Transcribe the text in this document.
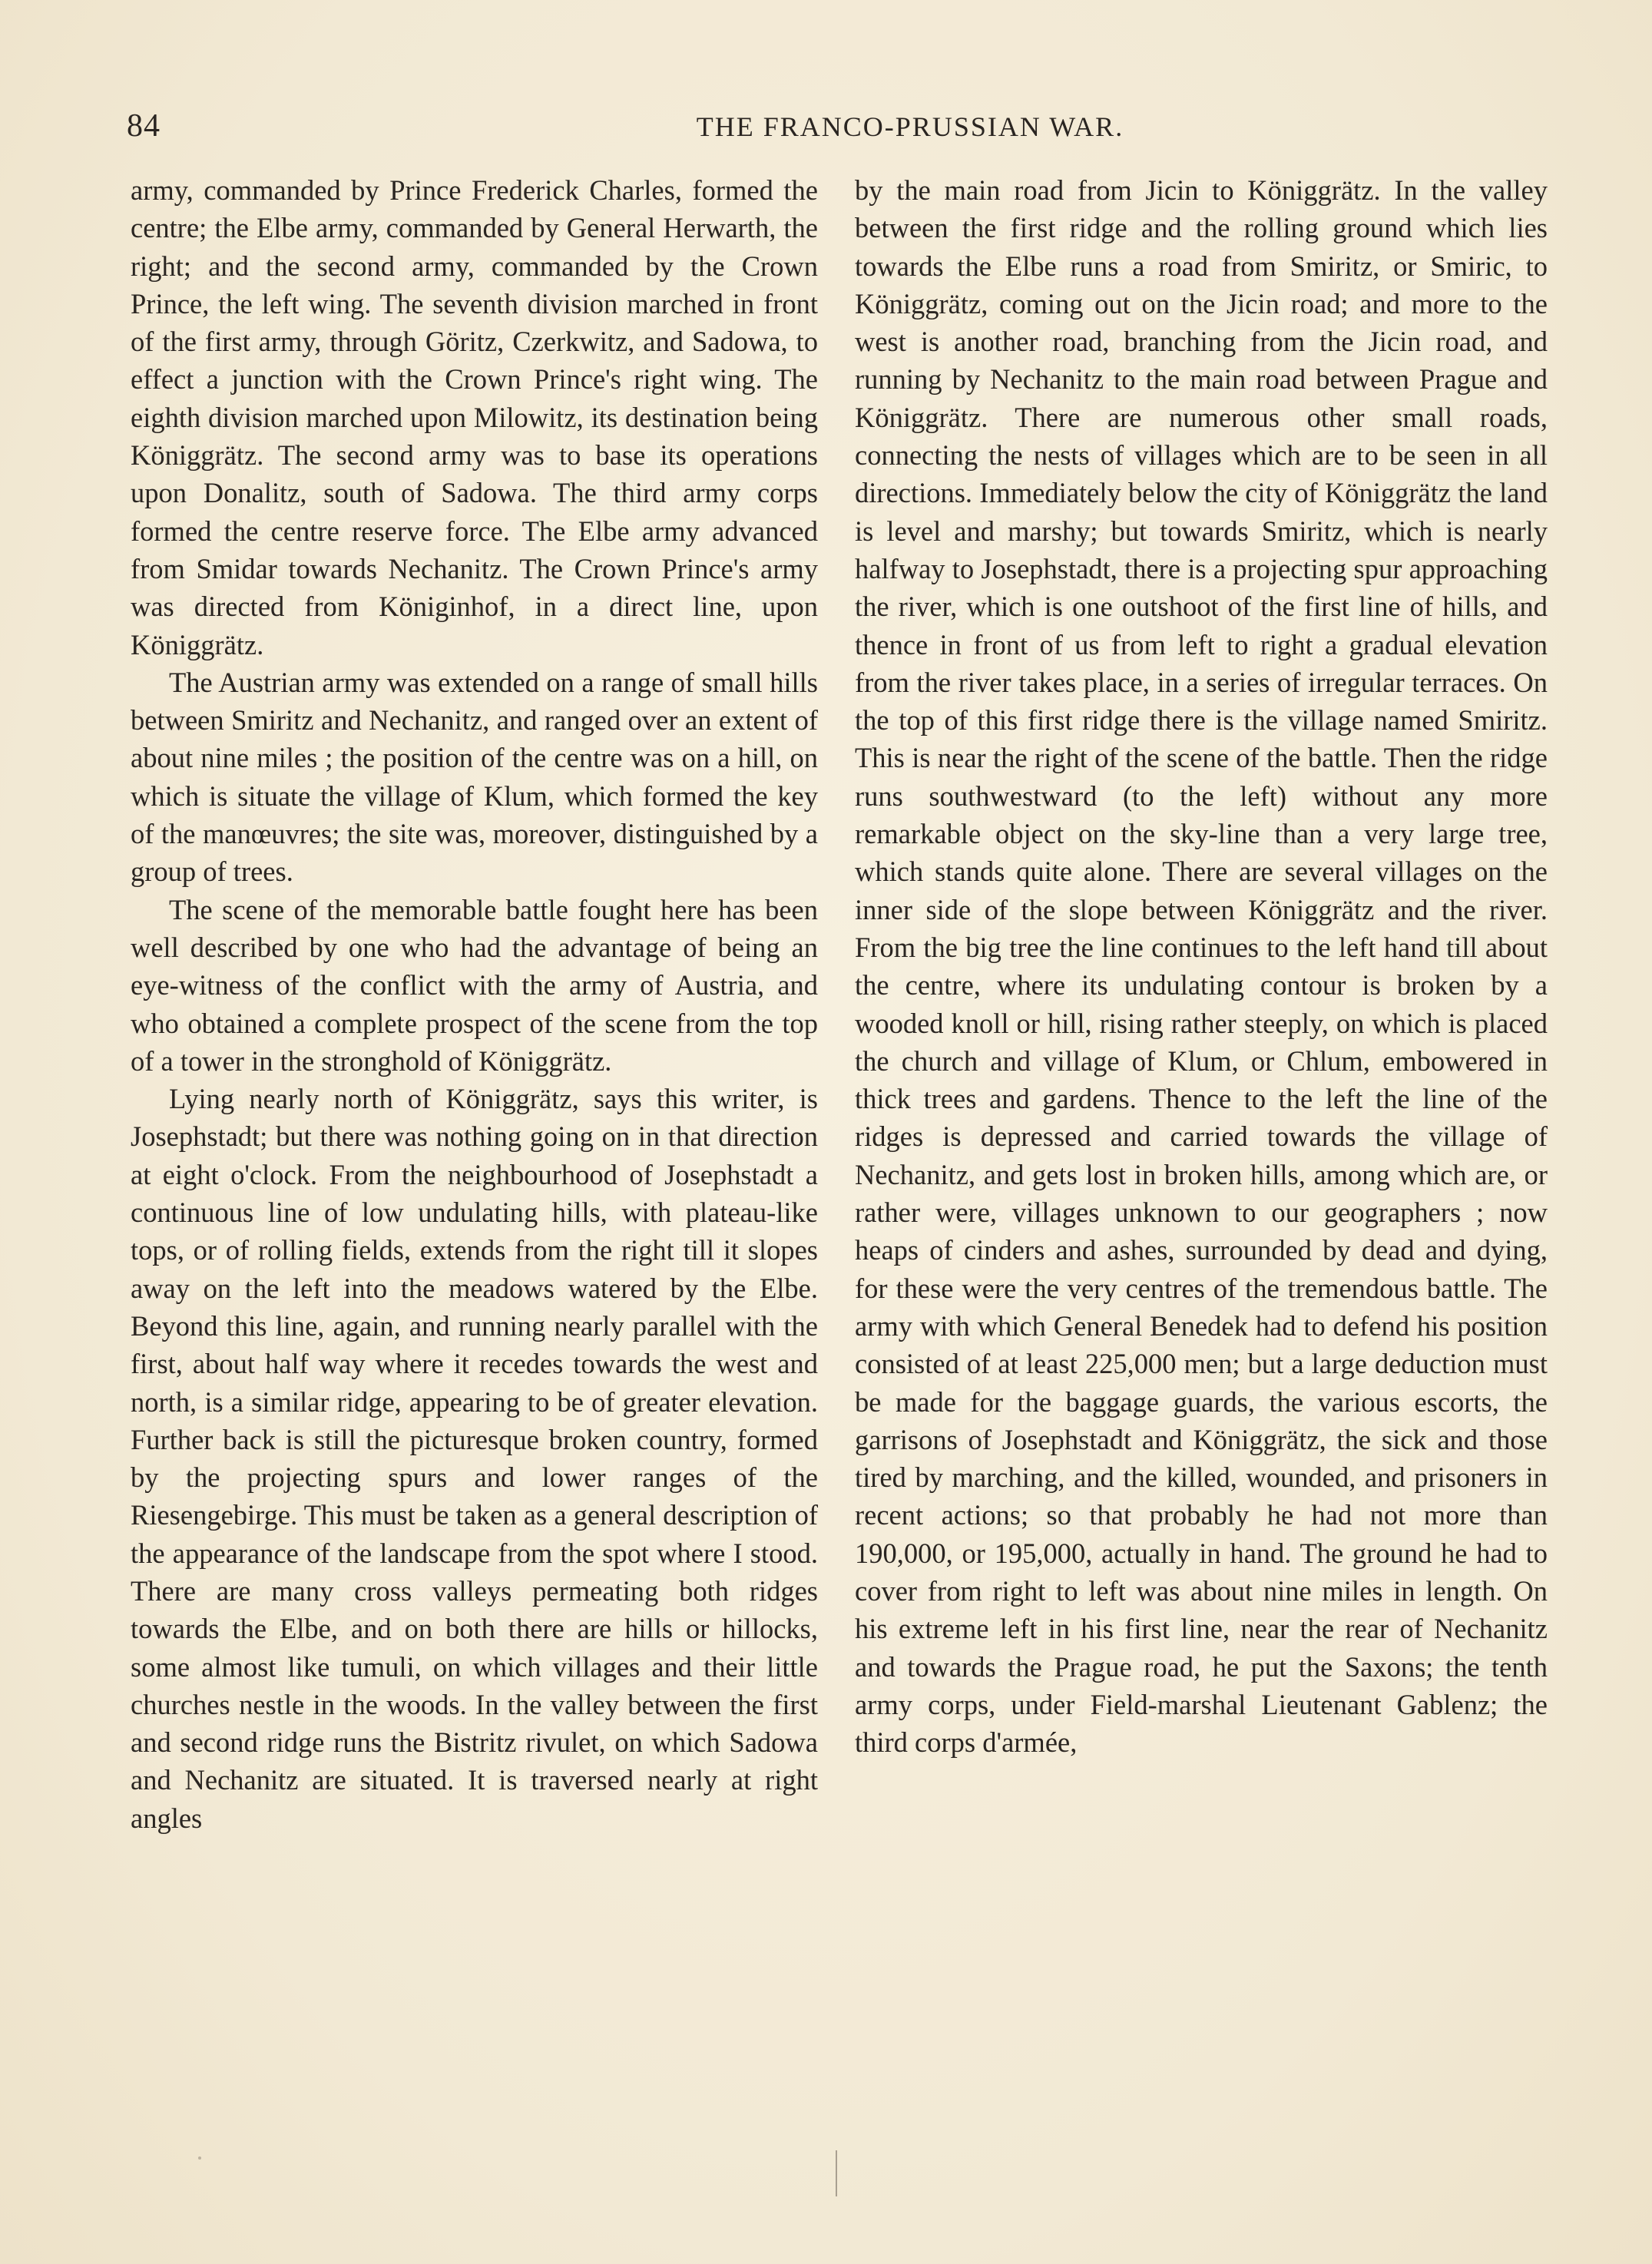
84	THE FRANCO-PRUSSIAN WAR.

army, commanded by Prince Frederick Charles, formed the centre; the Elbe army, commanded by General Herwarth, the right; and the second army, commanded by the Crown Prince, the left wing. The seventh division marched in front of the first army, through Göritz, Czerkwitz, and Sadowa, to effect a junction with the Crown Prince's right wing. The eighth division marched upon Milowitz, its destination being Königgrätz. The second army was to base its operations upon Donalitz, south of Sadowa. The third army corps formed the centre reserve force. The Elbe army advanced from Smidar towards Nechanitz. The Crown Prince's army was directed from Königinhof, in a direct line, upon Königgrätz.

The Austrian army was extended on a range of small hills between Smiritz and Nechanitz, and ranged over an extent of about nine miles ; the position of the centre was on a hill, on which is situate the village of Klum, which formed the key of the manœuvres; the site was, moreover, distinguished by a group of trees.

The scene of the memorable battle fought here has been well described by one who had the advantage of being an eye-witness of the conflict with the army of Austria, and who obtained a complete prospect of the scene from the top of a tower in the stronghold of Königgrätz.

Lying nearly north of Königgrätz, says this writer, is Josephstadt; but there was nothing going on in that direction at eight o'clock. From the neighbourhood of Josephstadt a continuous line of low undulating hills, with plateau-like tops, or of rolling fields, extends from the right till it slopes away on the left into the meadows watered by the Elbe. Beyond this line, again, and running nearly parallel with the first, about half way where it recedes towards the west and north, is a similar ridge, appearing to be of greater elevation. Further back is still the picturesque broken country, formed by the projecting spurs and lower ranges of the Riesengebirge. This must be taken as a general description of the appearance of the landscape from the spot where I stood. There are many cross valleys permeating both ridges towards the Elbe, and on both there are hills or hillocks, some almost like tumuli, on which villages and their little churches nestle in the woods. In the valley between the first and second ridge runs the Bistritz rivulet, on which Sadowa and Nechanitz are situated. It is traversed nearly at right angles

by the main road from Jicin to Königgrätz. In the valley between the first ridge and the rolling ground which lies towards the Elbe runs a road from Smiritz, or Smiric, to Königgrätz, coming out on the Jicin road; and more to the west is another road, branching from the Jicin road, and running by Nechanitz to the main road between Prague and Königgrätz. There are numerous other small roads, connecting the nests of villages which are to be seen in all directions. Immediately below the city of Königgrätz the land is level and marshy; but towards Smiritz, which is nearly halfway to Josephstadt, there is a projecting spur approaching the river, which is one outshoot of the first line of hills, and thence in front of us from left to right a gradual elevation from the river takes place, in a series of irregular terraces. On the top of this first ridge there is the village named Smiritz. This is near the right of the scene of the battle. Then the ridge runs southwestward (to the left) without any more remarkable object on the sky-line than a very large tree, which stands quite alone. There are several villages on the inner side of the slope between Königgrätz and the river. From the big tree the line continues to the left hand till about the centre, where its undulating contour is broken by a wooded knoll or hill, rising rather steeply, on which is placed the church and village of Klum, or Chlum, embowered in thick trees and gardens. Thence to the left the line of the ridges is depressed and carried towards the village of Nechanitz, and gets lost in broken hills, among which are, or rather were, villages unknown to our geographers ; now heaps of cinders and ashes, surrounded by dead and dying, for these were the very centres of the tremendous battle. The army with which General Benedek had to defend his position consisted of at least 225,000 men; but a large deduction must be made for the baggage guards, the various escorts, the garrisons of Josephstadt and Königgrätz, the sick and those tired by marching, and the killed, wounded, and prisoners in recent actions; so that probably he had not more than 190,000, or 195,000, actually in hand. The ground he had to cover from right to left was about nine miles in length. On his extreme left in his first line, near the rear of Nechanitz and towards the Prague road, he put the Saxons; the tenth army corps, under Field-marshal Lieutenant Gablenz; the third corps d'armée,
